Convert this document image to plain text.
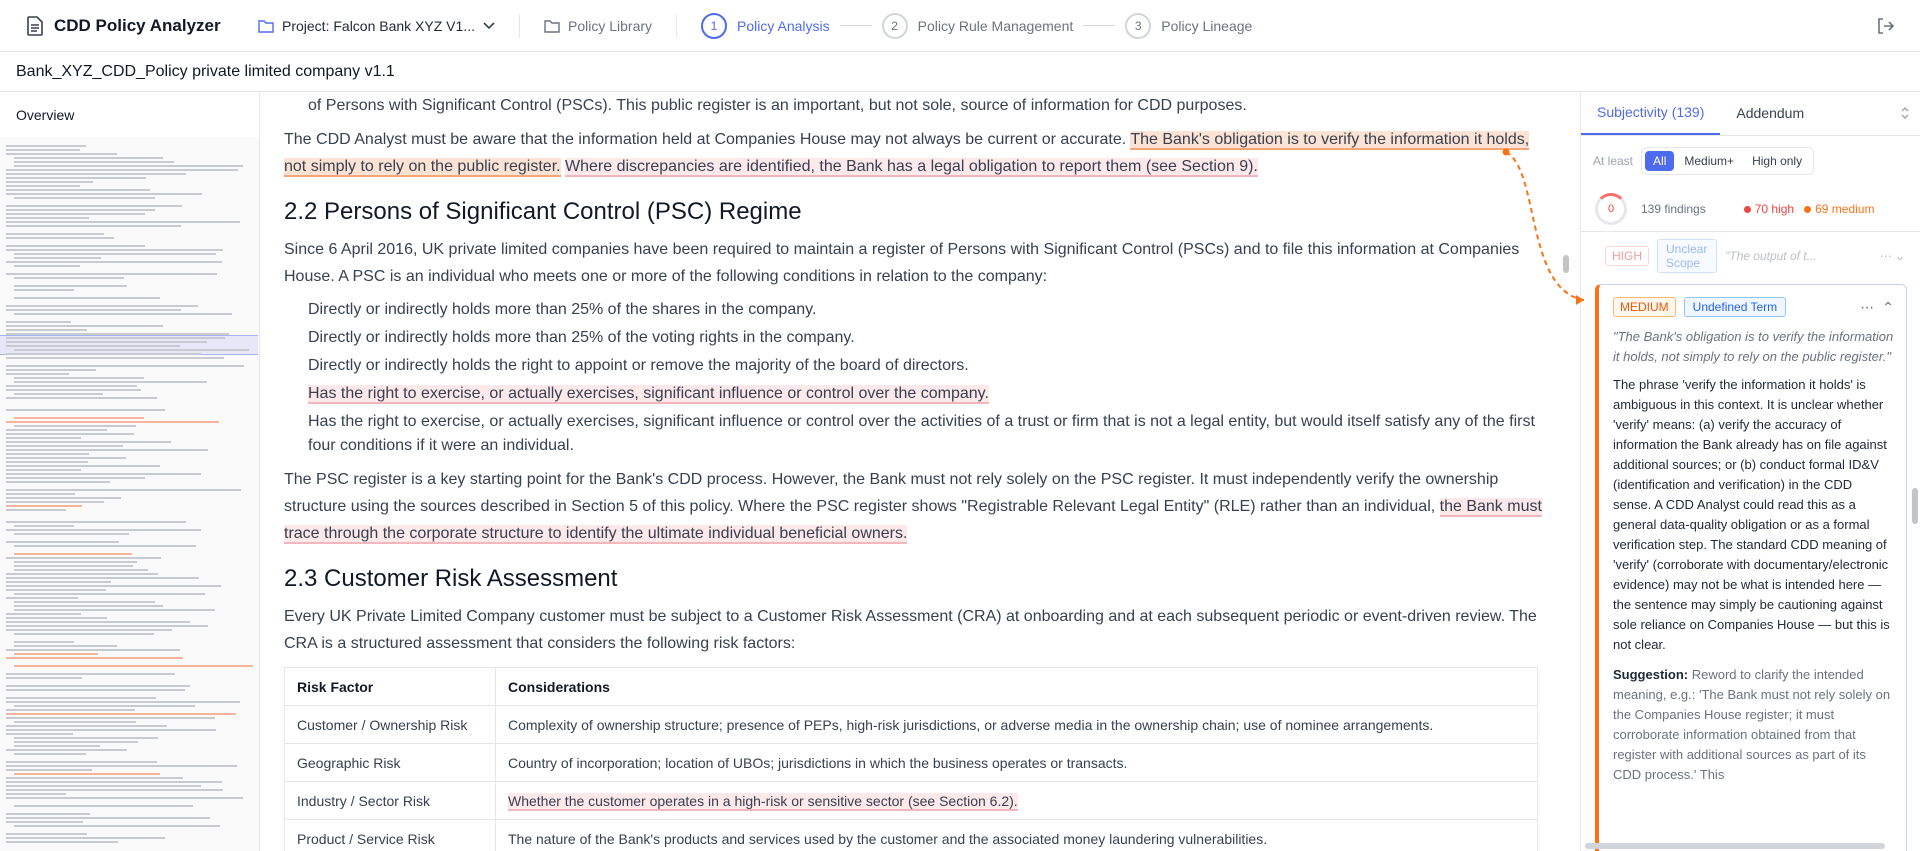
CDD Policy Analyzer	Project: Falcon Bank XYZ V1...	Policy Library	1	Policy Analysis	2	Policy Rule Management	3	Policy Lineage
Bank_XYZ_CDD_Policy private limited company v1.1
Overview
of Persons with Significant Control (PSCs). This public register is an important, but not sole, source of information for CDD purposes.

The CDD Analyst must be aware that the information held at Companies House may not always be current or accurate. The Bank's obligation is to verify the information it holds, not simply to rely on the public register. Where discrepancies are identified, the Bank has a legal obligation to report them (see Section 9).

2.2 Persons of Significant Control (PSC) Regime

Since 6 April 2016, UK private limited companies have been required to maintain a register of Persons with Significant Control (PSCs) and to file this information at Companies House. A PSC is an individual who meets one or more of the following conditions in relation to the company:

Directly or indirectly holds more than 25% of the shares in the company.
Directly or indirectly holds more than 25% of the voting rights in the company.
Directly or indirectly holds the right to appoint or remove the majority of the board of directors.
Has the right to exercise, or actually exercises, significant influence or control over the company.
Has the right to exercise, or actually exercises, significant influence or control over the activities of a trust or firm that is not a legal entity, but would itself satisfy any of the first four conditions if it were an individual.

The PSC register is a key starting point for the Bank's CDD process. However, the Bank must not rely solely on the PSC register. It must independently verify the ownership structure using the sources described in Section 5 of this policy. Where the PSC register shows "Registrable Relevant Legal Entity" (RLE) rather than an individual, the Bank must trace through the corporate structure to identify the ultimate individual beneficial owners.

2.3 Customer Risk Assessment

Every UK Private Limited Company customer must be subject to a Customer Risk Assessment (CRA) at onboarding and at each subsequent periodic or event-driven review. The CRA is a structured assessment that considers the following risk factors:

Risk Factor	Considerations
Customer / Ownership Risk	Complexity of ownership structure; presence of PEPs, high-risk jurisdictions, or adverse media in the ownership chain; use of nominee arrangements.
Geographic Risk	Country of incorporation; location of UBOs; jurisdictions in which the business operates or transacts.
Industry / Sector Risk	Whether the customer operates in a high-risk or sensitive sector (see Section 6.2).
Product / Service Risk	The nature of the Bank's products and services used by the customer and the associated money laundering vulnerabilities.
Subjectivity (139)	Addendum
At least	All	Medium+	High only
0	139 findings	70 high	69 medium
HIGH	Unclear Scope	"The output of t...	⋯ ⌄
MEDIUM	Undefined Term	⋯ ⌃
"The Bank's obligation is to verify the information it holds, not simply to rely on the public register."
The phrase 'verify the information it holds' is ambiguous in this context. It is unclear whether 'verify' means: (a) verify the accuracy of information the Bank already has on file against additional sources; or (b) conduct formal ID&V (identification and verification) in the CDD sense. A CDD Analyst could read this as a general data-quality obligation or as a formal verification step. The standard CDD meaning of 'verify' (corroborate with documentary/electronic evidence) may not be what is intended here — the sentence may simply be cautioning against sole reliance on Companies House — but this is not clear.
Suggestion: Reword to clarify the intended meaning, e.g.: 'The Bank must not rely solely on the Companies House register; it must corroborate information obtained from that register with additional sources as part of its CDD process.' This
